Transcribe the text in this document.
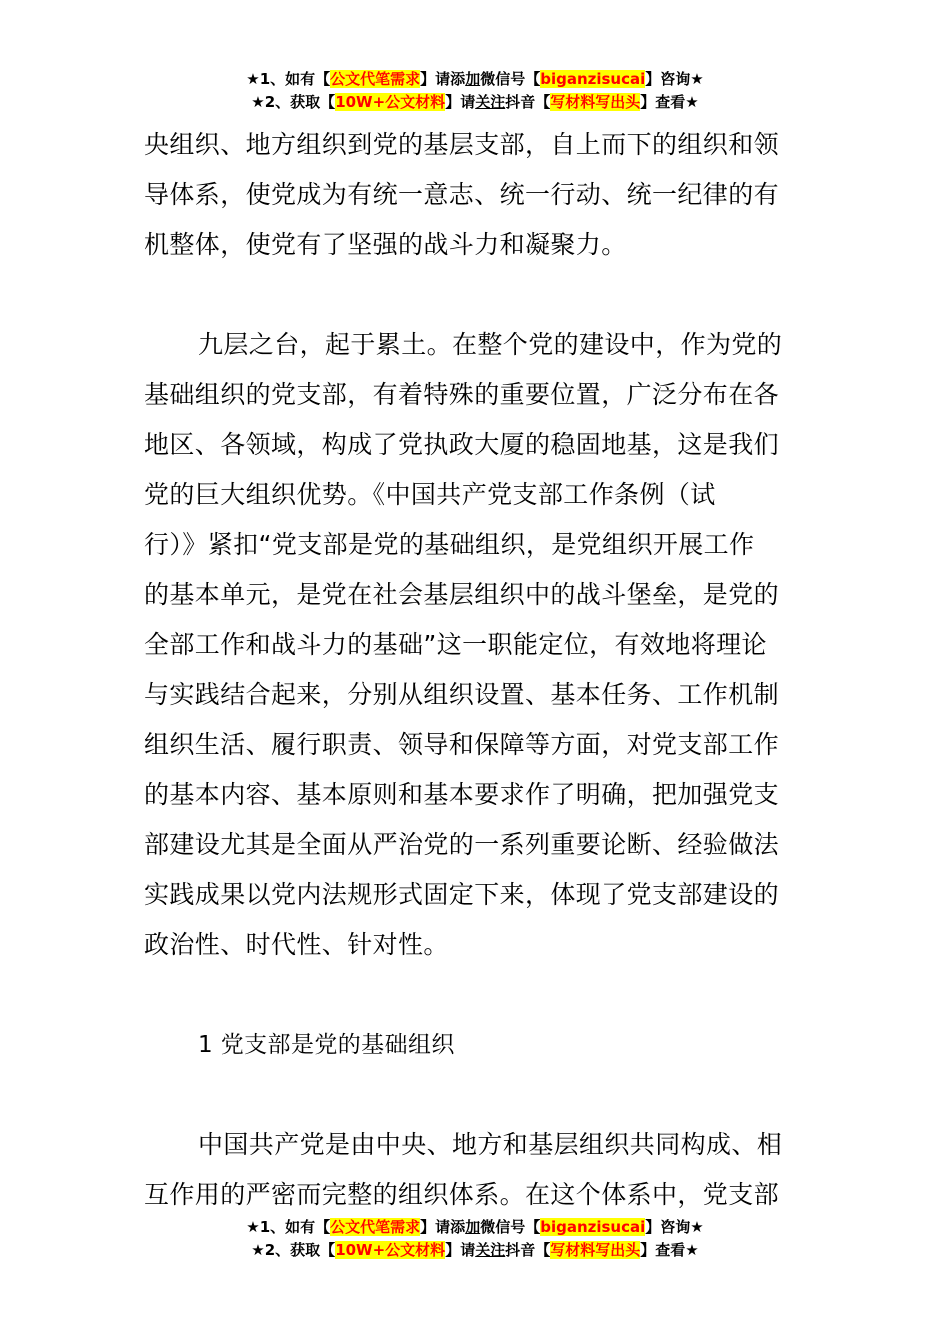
★1、如有【公文代笔需求】请添加微信号【biganzisucai】咨询★
★2、获取【10W+公文材料】请关注抖音【写材料写出头】查看★

央组织、地方组织到党的基层支部，自上而下的组织和领

导体系，使党成为有统一意志、统一行动、统一纪律的有

机整体，使党有了坚强的战斗力和凝聚力。

九层之台，起于累土。在整个党的建设中，作为党的

基础组织的党支部，有着特殊的重要位置，广泛分布在各

地区、各领域，构成了党执政大厦的稳固地基，这是我们

党的巨大组织优势。《中国共产党支部工作条例（试

行）》紧扣“党支部是党的基础组织，是党组织开展工作

的基本单元，是党在社会基层组织中的战斗堡垒，是党的

全部工作和战斗力的基础”这一职能定位，有效地将理论

与实践结合起来，分别从组织设置、基本任务、工作机制

组织生活、履行职责、领导和保障等方面，对党支部工作

的基本内容、基本原则和基本要求作了明确，把加强党支

部建设尤其是全面从严治党的一系列重要论断、经验做法

实践成果以党内法规形式固定下来，体现了党支部建设的

政治性、时代性、针对性。

1 党支部是党的基础组织

中国共产党是由中央、地方和基层组织共同构成、相

互作用的严密而完整的组织体系。在这个体系中，党支部

★1、如有【公文代笔需求】请添加微信号【biganzisucai】咨询★
★2、获取【10W+公文材料】请关注抖音【写材料写出头】查看★
